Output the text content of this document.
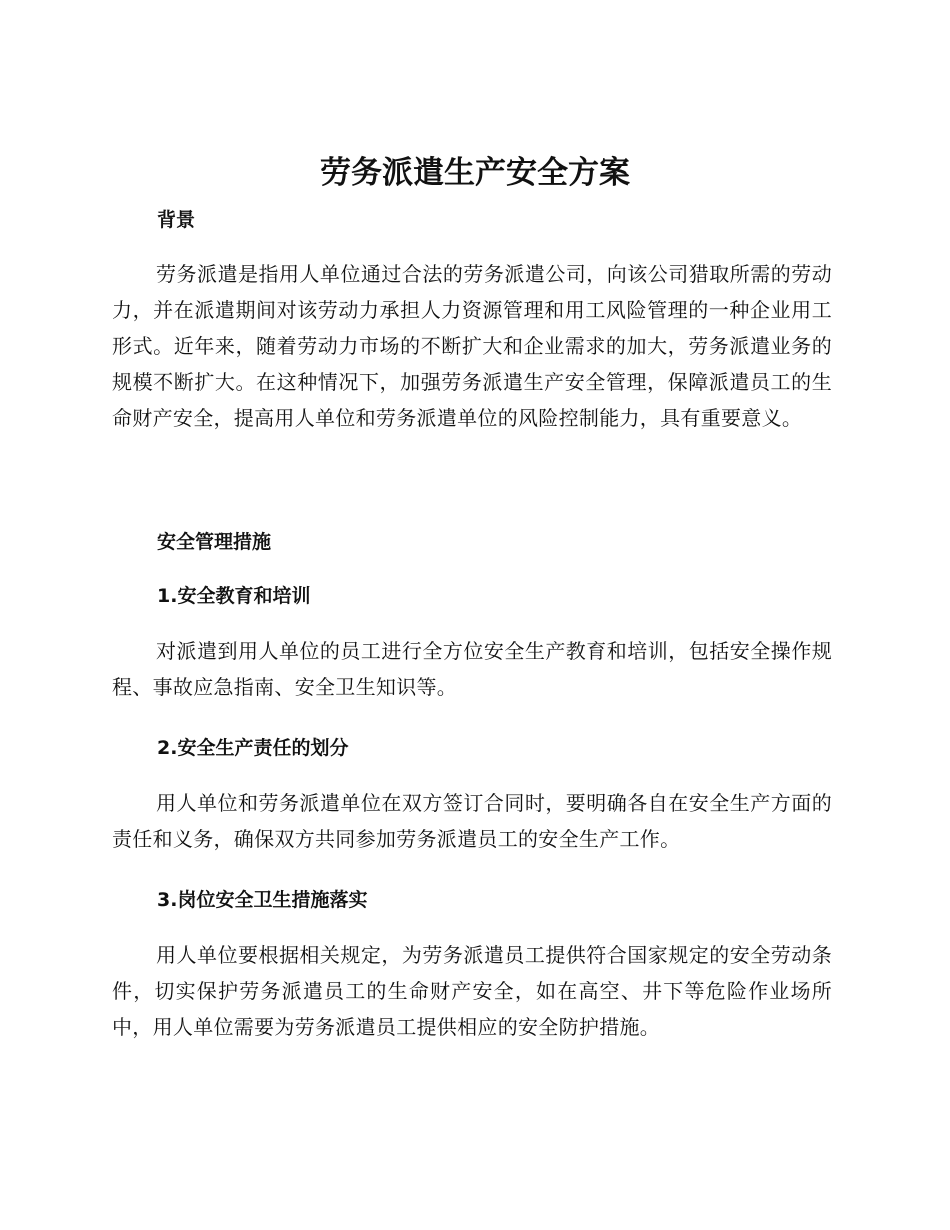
劳务派遣生产安全方案
背景

劳务派遣是指用人单位通过合法的劳务派遣公司，向该公司猎取所需的劳动力，并在派遣期间对该劳动力承担人力资源管理和用工风险管理的一种企业用工形式。近年来，随着劳动力市场的不断扩大和企业需求的加大，劳务派遣业务的规模不断扩大。在这种情况下，加强劳务派遣生产安全管理，保障派遣员工的生命财产安全，提高用人单位和劳务派遣单位的风险控制能力，具有重要意义。

安全管理措施
1.安全教育和培训

对派遣到用人单位的员工进行全方位安全生产教育和培训，包括安全操作规程、事故应急指南、安全卫生知识等。

2.安全生产责任的划分

用人单位和劳务派遣单位在双方签订合同时，要明确各自在安全生产方面的责任和义务，确保双方共同参加劳务派遣员工的安全生产工作。

3.岗位安全卫生措施落实

用人单位要根据相关规定，为劳务派遣员工提供符合国家规定的安全劳动条件，切实保护劳务派遣员工的生命财产安全，如在高空、井下等危险作业场所中，用人单位需要为劳务派遣员工提供相应的安全防护措施。
